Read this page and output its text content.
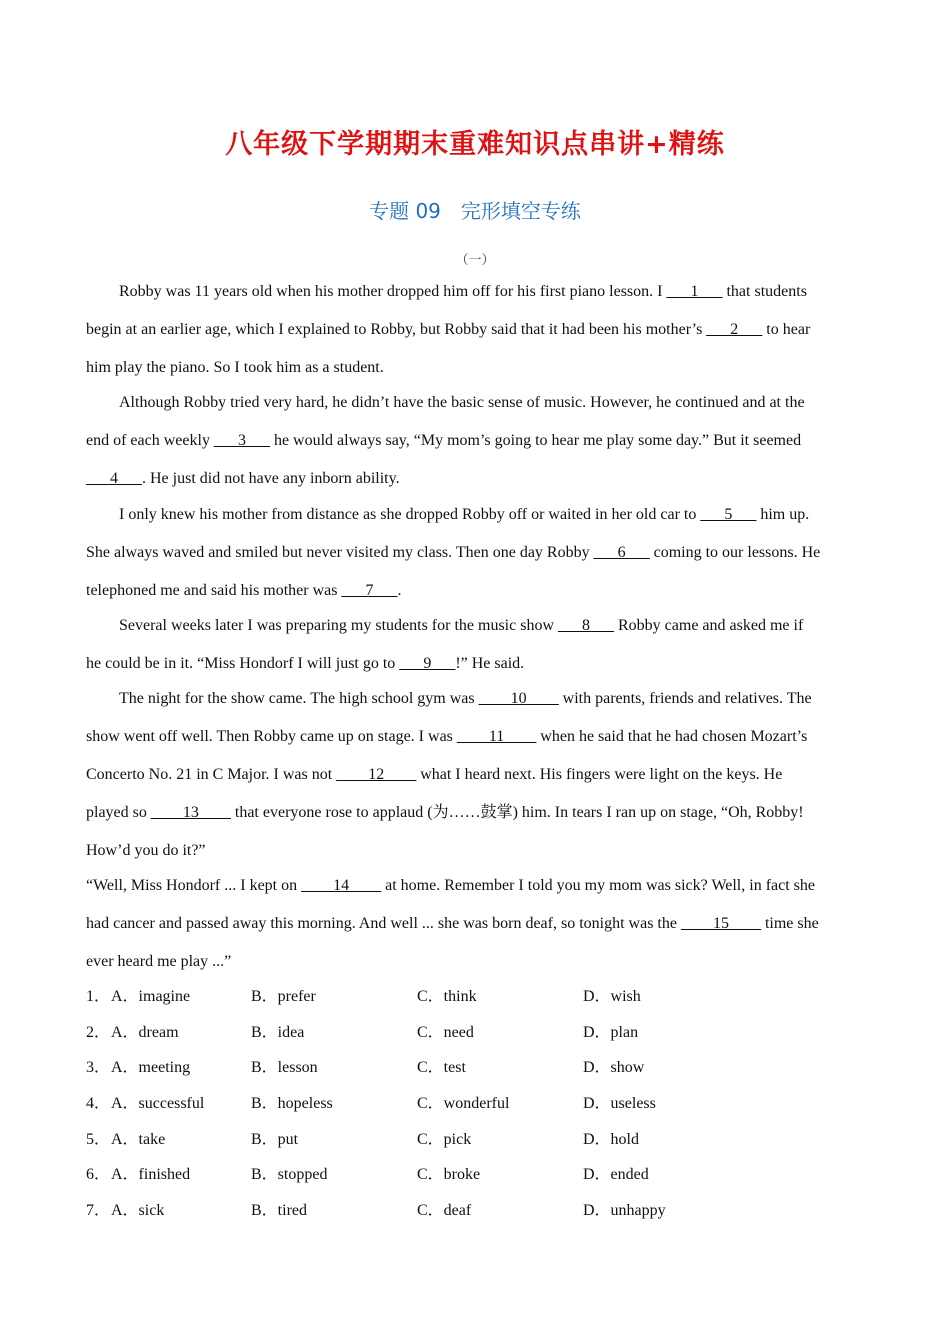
八年级下学期期末重难知识点串讲+精练
专题 09 完形填空专练
（一）
Robby was 11 years old when his mother dropped him off for his first piano lesson. I ___1___ that students
begin at an earlier age, which I explained to Robby, but Robby said that it had been his mother’s ___2___ to hear
him play the piano. So I took him as a student.
Although Robby tried very hard, he didn’t have the basic sense of music. However, he continued and at the
end of each weekly ___3___ he would always say, “My mom’s going to hear me play some day.” But it seemed
___4___. He just did not have any inborn ability.
I only knew his mother from distance as she dropped Robby off or waited in her old car to ___5___ him up.
She always waved and smiled but never visited my class. Then one day Robby ___6___ coming to our lessons. He
telephoned me and said his mother was ___7___.
Several weeks later I was preparing my students for the music show ___8___ Robby came and asked me if
he could be in it. “Miss Hondorf I will just go to ___9___!” He said.
The night for the show came. The high school gym was ____10____ with parents, friends and relatives. The
show went off well. Then Robby came up on stage. I was ____11____ when he said that he had chosen Mozart’s
Concerto No. 21 in C Major. I was not ____12____ what I heard next. His fingers were light on the keys. He
played so ____13____ that everyone rose to applaud (为……鼓掌) him. In tears I ran up on stage, “Oh, Robby!
How’d you do it?”
“Well, Miss Hondorf ... I kept on ____14____ at home. Remember I told you my mom was sick? Well, in fact she
had cancer and passed away this morning. And well ... she was born deaf, so tonight was the ____15____ time she
ever heard me play ...”
1． A．imagine	B．prefer	C．think	D．wish
2． A．dream	B．idea	C．need	D．plan
3． A．meeting	B．lesson	C．test	D．show
4． A．successful	B．hopeless	C．wonderful	D．useless
5． A．take	B．put	C．pick	D．hold
6． A．finished	B．stopped	C．broke	D．ended
7． A．sick	B．tired	C．deaf	D．unhappy
